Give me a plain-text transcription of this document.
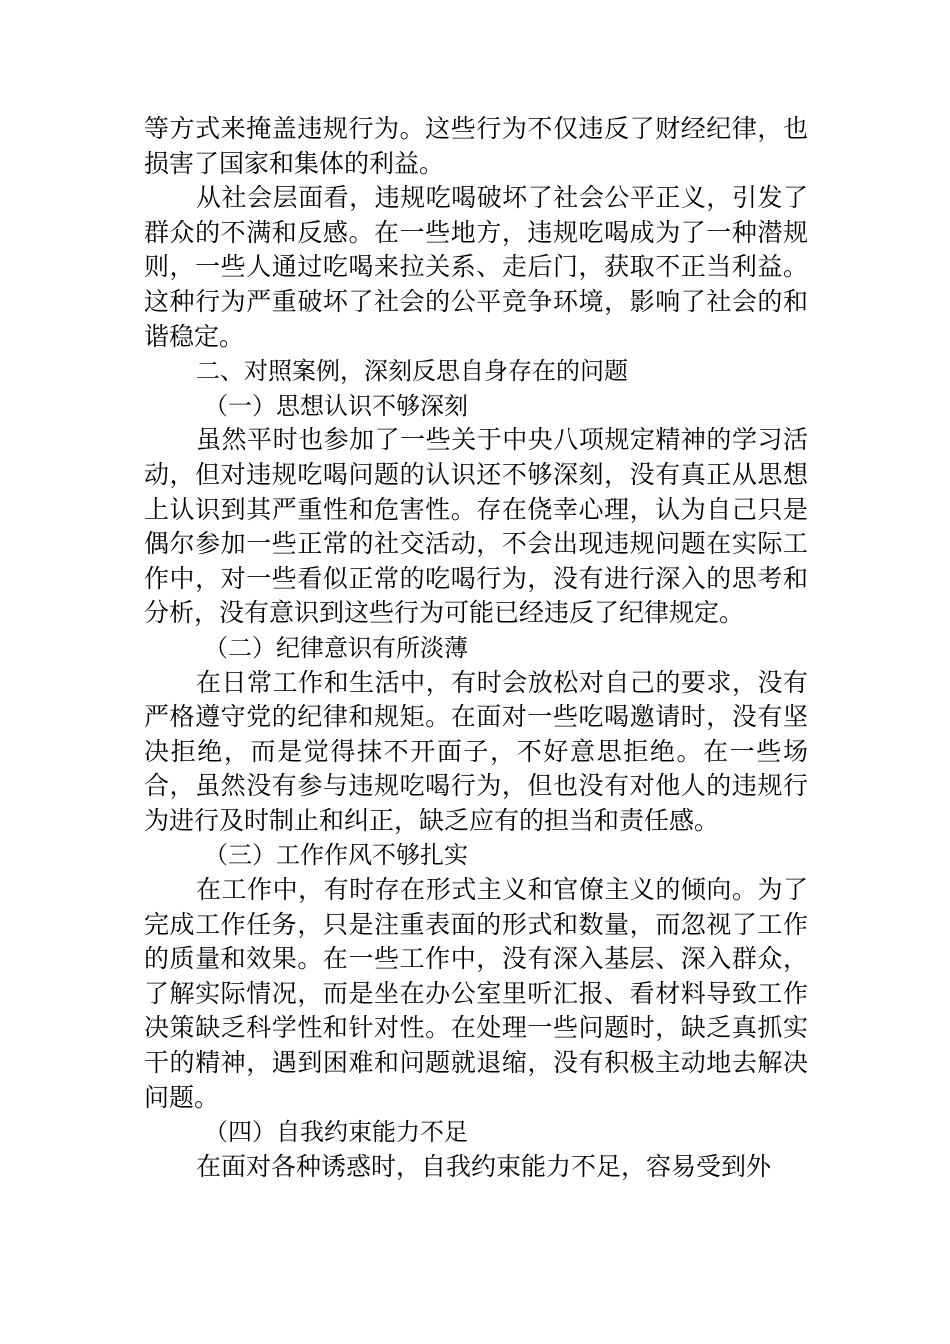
等方式来掩盖违规行为。这些行为不仅违反了财经纪律，也损害了国家和集体的利益。

从社会层面看，违规吃喝破坏了社会公平正义，引发了群众的不满和反感。在一些地方，违规吃喝成为了一种潜规则，一些人通过吃喝来拉关系、走后门，获取不正当利益。这种行为严重破坏了社会的公平竞争环境，影响了社会的和谐稳定。

二、对照案例，深刻反思自身存在的问题

（一）思想认识不够深刻

虽然平时也参加了一些关于中央八项规定精神的学习活动，但对违规吃喝问题的认识还不够深刻，没有真正从思想上认识到其严重性和危害性。存在侥幸心理，认为自己只是偶尔参加一些正常的社交活动，不会出现违规问题在实际工作中，对一些看似正常的吃喝行为，没有进行深入的思考和分析，没有意识到这些行为可能已经违反了纪律规定。

（二）纪律意识有所淡薄

在日常工作和生活中，有时会放松对自己的要求，没有严格遵守党的纪律和规矩。在面对一些吃喝邀请时，没有坚决拒绝，而是觉得抹不开面子，不好意思拒绝。在一些场合，虽然没有参与违规吃喝行为，但也没有对他人的违规行为进行及时制止和纠正，缺乏应有的担当和责任感。

（三）工作作风不够扎实

在工作中，有时存在形式主义和官僚主义的倾向。为了完成工作任务，只是注重表面的形式和数量，而忽视了工作的质量和效果。在一些工作中，没有深入基层、深入群众，了解实际情况，而是坐在办公室里听汇报、看材料导致工作决策缺乏科学性和针对性。在处理一些问题时，缺乏真抓实干的精神，遇到困难和问题就退缩，没有积极主动地去解决问题。

（四）自我约束能力不足

在面对各种诱惑时，自我约束能力不足，容易受到外
